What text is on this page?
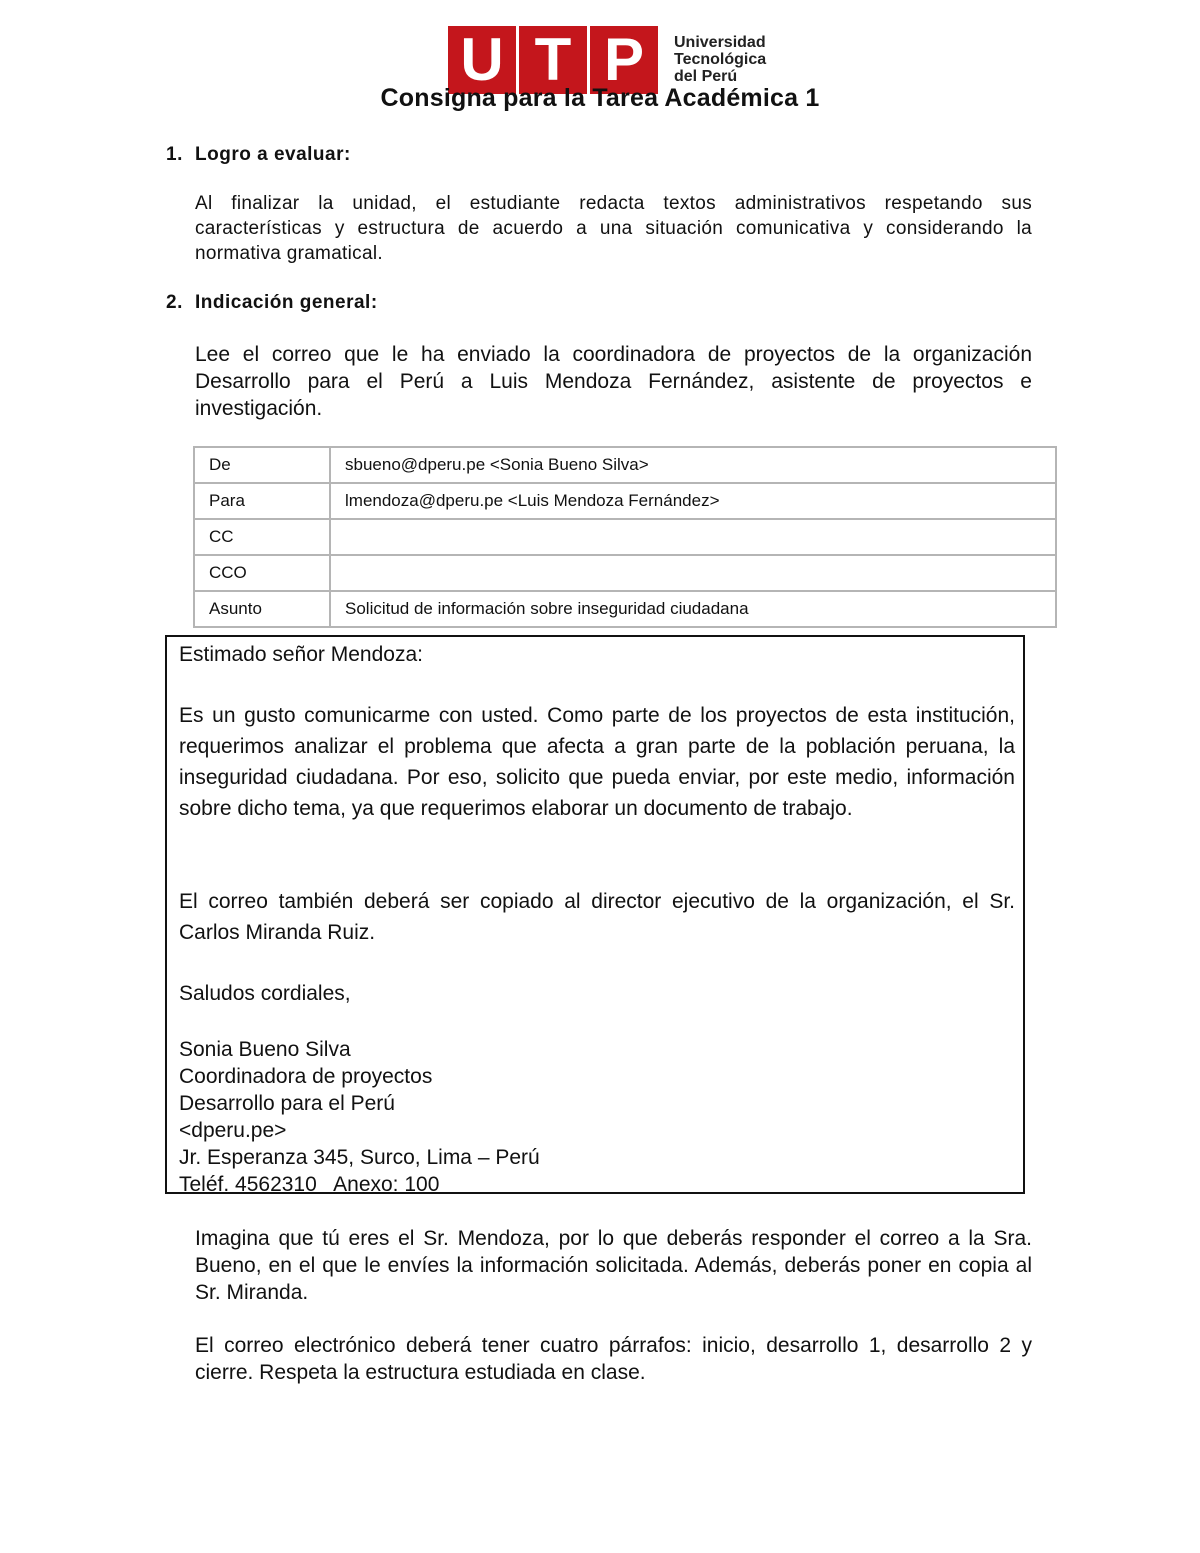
U T P	Universidad
Tecnológica
del Perú
Consigna para la Tarea Académica 1
1. Logro a evaluar:
Al finalizar la unidad, el estudiante redacta textos administrativos respetando sus características y estructura de acuerdo a una situación comunicativa y considerando la normativa gramatical.
2. Indicación general:
Lee el correo que le ha enviado la coordinadora de proyectos de la organización Desarrollo para el Perú a Luis Mendoza Fernández, asistente de proyectos e investigación.
De	sbueno@dperu.pe <Sonia Bueno Silva>
Para	lmendoza@dperu.pe <Luis Mendoza Fernández>
CC	
CCO	
Asunto	Solicitud de información sobre inseguridad ciudadana
Estimado señor Mendoza:
Es un gusto comunicarme con usted. Como parte de los proyectos de esta institución, requerimos analizar el problema que afecta a gran parte de la población peruana, la inseguridad ciudadana. Por eso, solicito que pueda enviar, por este medio, información sobre dicho tema, ya que requerimos elaborar un documento de trabajo.
El correo también deberá ser copiado al director ejecutivo de la organización, el Sr. Carlos Miranda Ruiz.
Saludos cordiales,
Sonia Bueno Silva
Coordinadora de proyectos
Desarrollo para el Perú
<dperu.pe>
Jr. Esperanza 345, Surco, Lima – Perú
Teléf. 4562310   Anexo: 100
Imagina que tú eres el Sr. Mendoza, por lo que deberás responder el correo a la Sra. Bueno, en el que le envíes la información solicitada. Además, deberás poner en copia al Sr. Miranda.
El correo electrónico deberá tener cuatro párrafos: inicio, desarrollo 1, desarrollo 2 y cierre. Respeta la estructura estudiada en clase.
